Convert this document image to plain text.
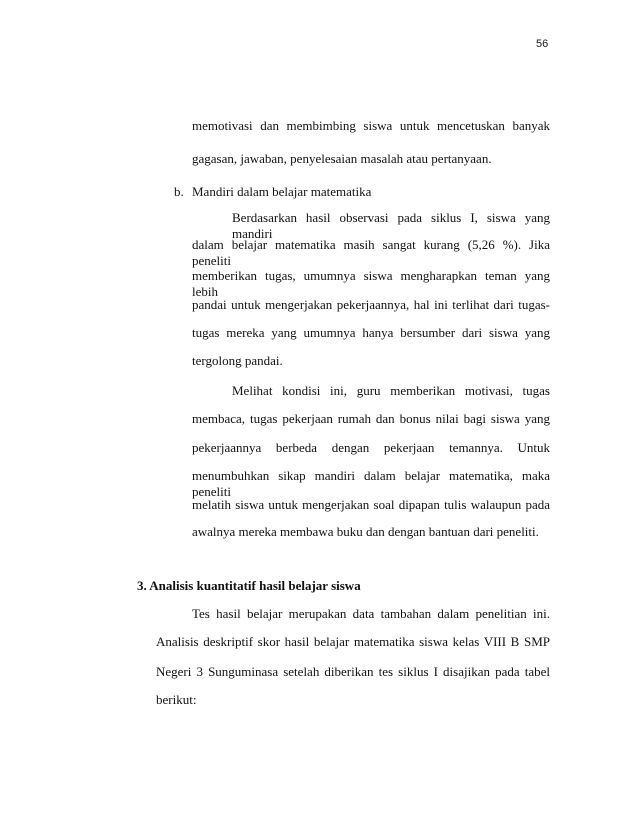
56
memotivasi dan membimbing siswa untuk mencetuskan banyak
gagasan, jawaban, penyelesaian masalah atau pertanyaan.
b. Mandiri dalam belajar matematika
Berdasarkan hasil observasi pada siklus I, siswa yang mandiri
dalam belajar matematika masih sangat kurang (5,26 %). Jika peneliti
memberikan tugas, umumnya siswa mengharapkan teman yang lebih
pandai untuk mengerjakan pekerjaannya, hal ini terlihat dari tugas-
tugas mereka yang umumnya hanya bersumber dari siswa yang
tergolong pandai.
Melihat kondisi ini, guru memberikan motivasi, tugas
membaca, tugas pekerjaan rumah dan bonus nilai bagi siswa yang
pekerjaannya berbeda dengan pekerjaan temannya. Untuk
menumbuhkan sikap mandiri dalam belajar matematika, maka peneliti
melatih siswa untuk mengerjakan soal dipapan tulis walaupun pada
awalnya mereka membawa buku dan dengan bantuan dari peneliti.
3. Analisis kuantitatif hasil belajar siswa
Tes hasil belajar merupakan data tambahan dalam penelitian ini.
Analisis deskriptif skor hasil belajar matematika siswa kelas VIII B SMP
Negeri 3 Sunguminasa setelah diberikan tes siklus I disajikan pada tabel
berikut:
